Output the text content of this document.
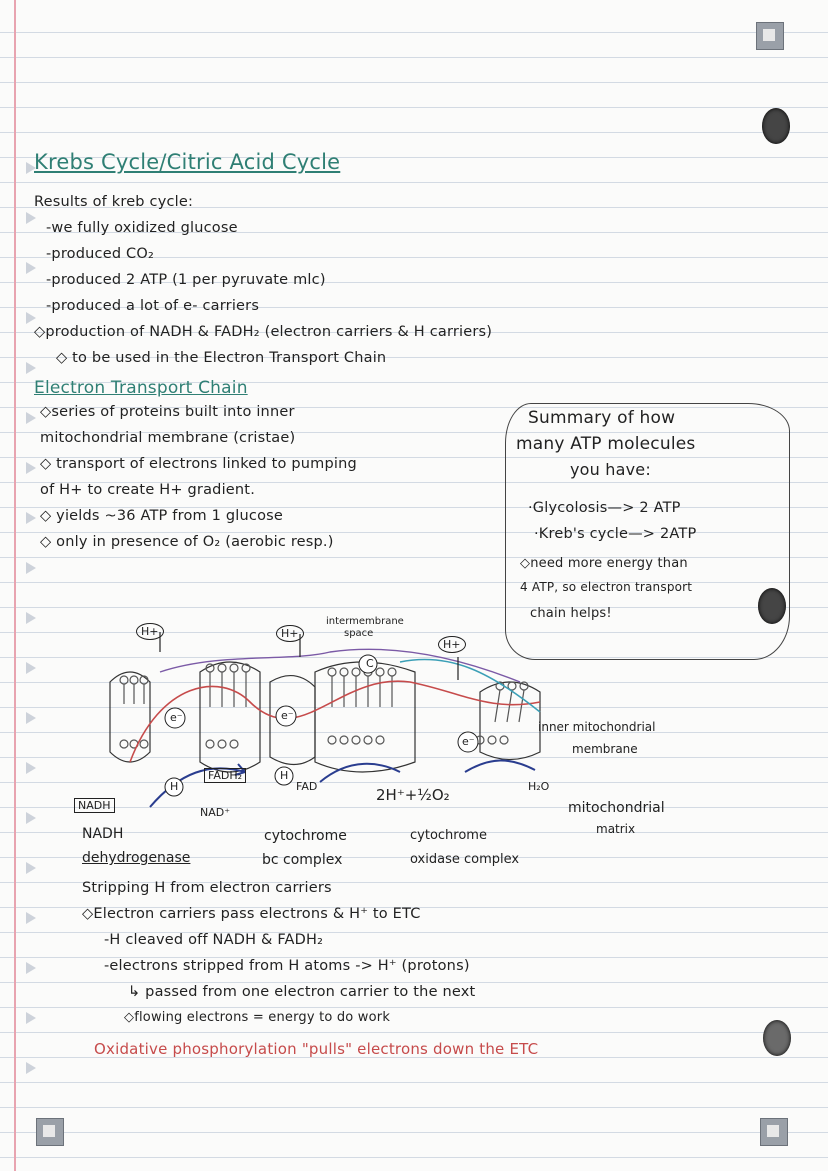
Krebs Cycle/Citric Acid Cycle
Results of kreb cycle:
-we fully oxidized glucose
-produced CO₂
-produced 2 ATP (1 per pyruvate mlc)
-produced a lot of e- carriers
◇production of NADH & FADH₂ (electron carriers & H carriers)
◇ to be used in the Electron Transport Chain
Electron Transport Chain
◇series of proteins built into inner
mitochondrial membrane (cristae)
◇ transport of electrons linked to pumping
of H+ to create H+ gradient.
◇ yields ~36 ATP from 1 glucose
◇ only in presence of O₂ (aerobic resp.)
Summary of how
many ATP molecules
you have:
·Glycolosis—> 2 ATP
·Kreb's cycle—> 2ATP
◇need more energy than
4 ATP, so electron transport
chain helps!
H+	H+
H+
intermembrane
space
C
e⁻	e⁻
e⁻
H
H
inner mitochondrial
membrane
FADH₂
FAD
NADH
NAD⁺
2H⁺+½O₂	H₂O
mitochondrial
matrix
NADH
dehydrogenase
cytochrome
bc complex
cytochrome
oxidase complex
Stripping H from electron carriers
◇Electron carriers pass electrons & H⁺ to ETC
-H cleaved off NADH & FADH₂
-electrons stripped from H atoms -> H⁺ (protons)
↳ passed from one electron carrier to the next
◇flowing electrons = energy to do work
Oxidative phosphorylation "pulls" electrons down the ETC
